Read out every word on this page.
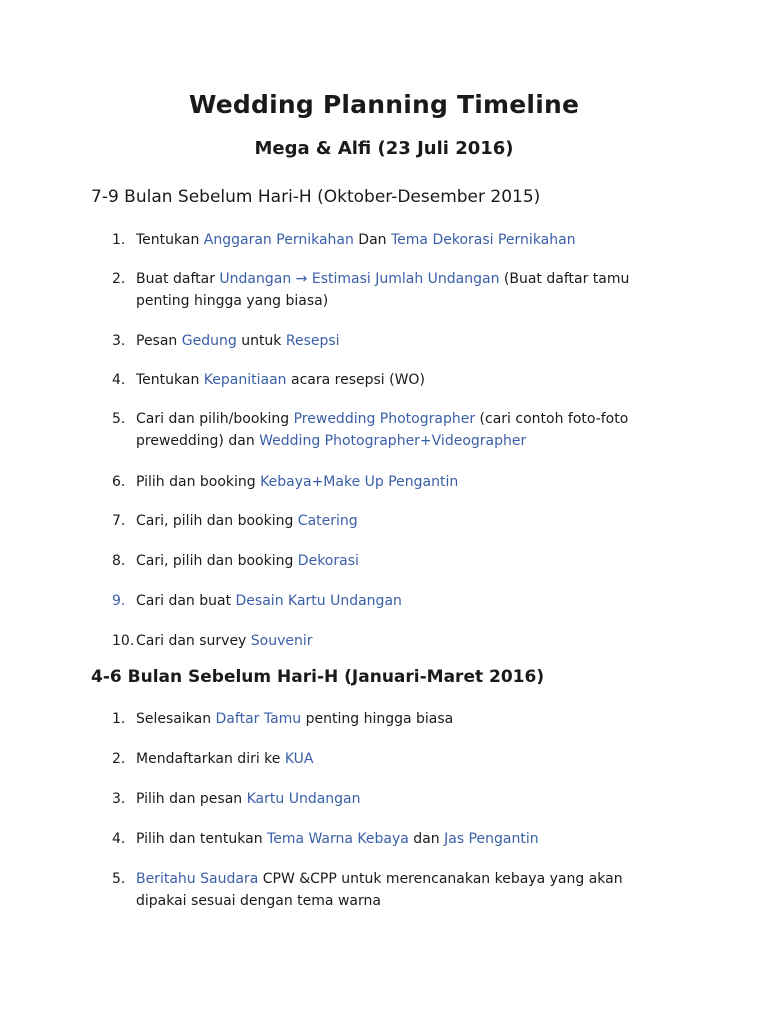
Wedding Planning Timeline
Mega & Alfi (23 Juli 2016)
7-9 Bulan Sebelum Hari-H (Oktober-Desember 2015)
1. Tentukan Anggaran Pernikahan Dan Tema Dekorasi Pernikahan
2. Buat daftar Undangan → Estimasi Jumlah Undangan (Buat daftar tamu penting hingga yang biasa)
3. Pesan Gedung untuk Resepsi
4. Tentukan Kepanitiaan acara resepsi (WO)
5. Cari dan pilih/booking Prewedding Photographer (cari contoh foto-foto prewedding) dan Wedding Photographer+Videographer
6. Pilih dan booking Kebaya+Make Up Pengantin
7. Cari, pilih dan booking Catering
8. Cari, pilih dan booking Dekorasi
9. Cari dan buat Desain Kartu Undangan
10. Cari dan survey Souvenir
4-6 Bulan Sebelum Hari-H (Januari-Maret 2016)
1. Selesaikan Daftar Tamu penting hingga biasa
2. Mendaftarkan diri ke KUA
3. Pilih dan pesan Kartu Undangan
4. Pilih dan tentukan Tema Warna Kebaya dan Jas Pengantin
5. Beritahu Saudara CPW &CPP untuk merencanakan kebaya yang akan dipakai sesuai dengan tema warna
